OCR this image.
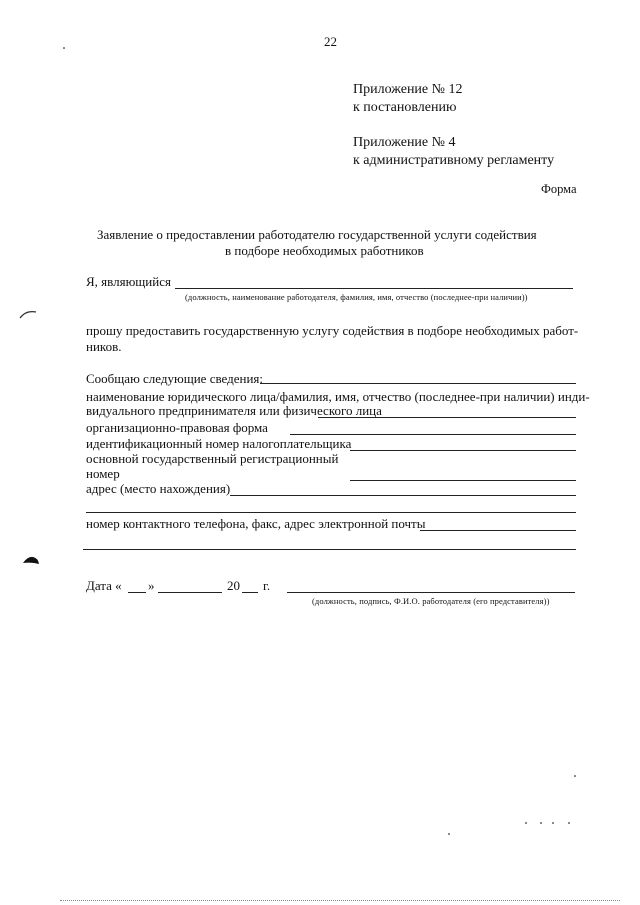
22
Приложение № 12
к постановлению
Приложение № 4
к административному регламенту
Форма
Заявление о предоставлении работодателю государственной услуги содействия
в подборе необходимых работников
Я, являющийся
(должность, наименование работодателя, фамилия, имя, отчество (последнее-при наличии))
прошу предоставить государственную услугу содействия в подборе необходимых работ-
ников.
Сообщаю следующие сведения:
наименование юридического лица/фамилия, имя, отчество (последнее-при наличии) инди-
видуального предпринимателя или физического лица
организационно-правовая форма
идентификационный номер налогоплательщика
основной государственный регистрационный
номер
адрес (место нахождения)
номер контактного телефона, факс, адрес электронной почты
Дата « »	20 г.
(должность, подпись, Ф.И.О. работодателя (его представителя))
